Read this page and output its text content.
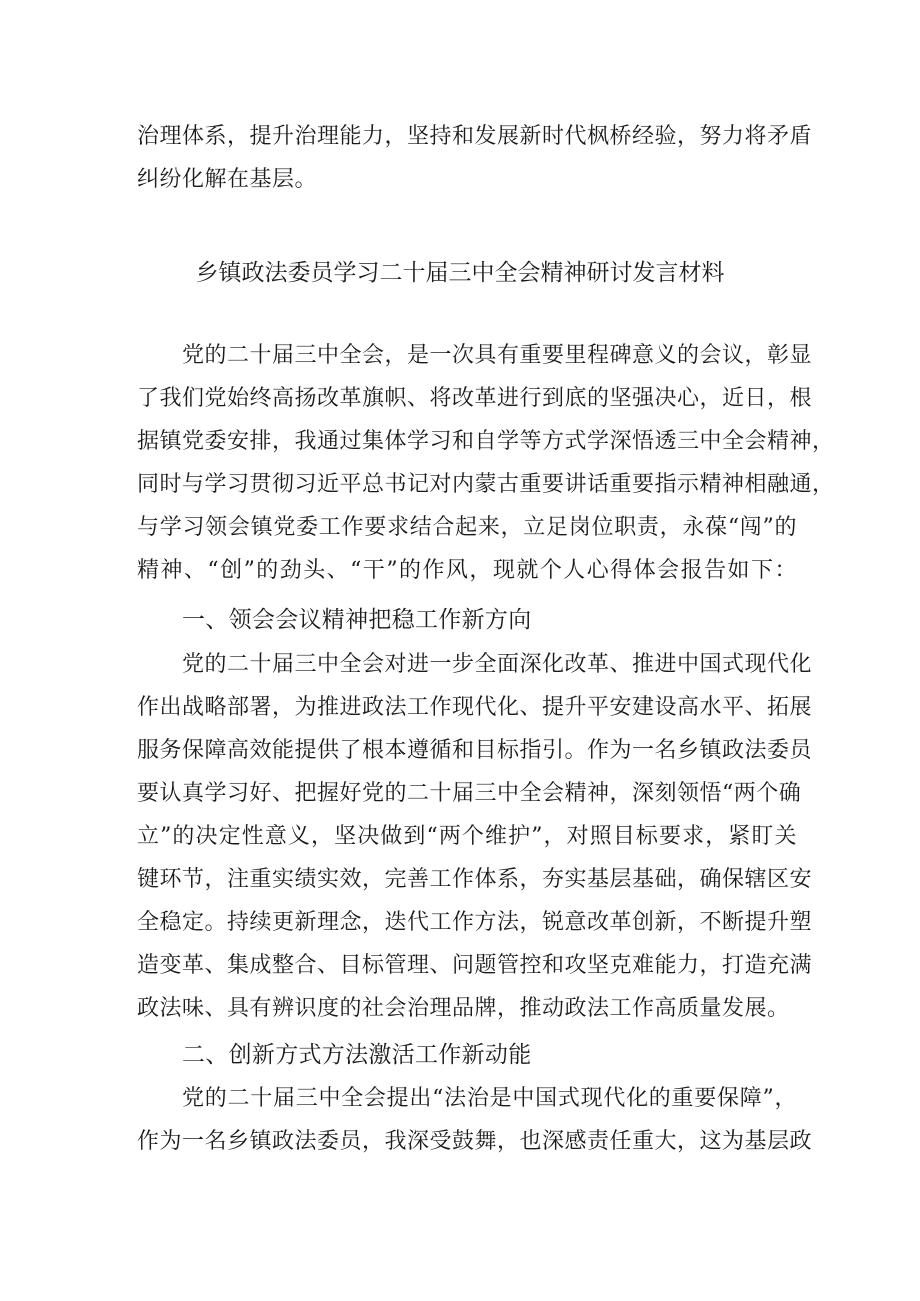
治理体系，提升治理能力，坚持和发展新时代枫桥经验，努力将矛盾
纠纷化解在基层。
乡镇政法委员学习二十届三中全会精神研讨发言材料
党的二十届三中全会，是一次具有重要里程碑意义的会议，彰显
了我们党始终高扬改革旗帜、将改革进行到底的坚强决心，近日，根
据镇党委安排，我通过集体学习和自学等方式学深悟透三中全会精神，
同时与学习贯彻习近平总书记对内蒙古重要讲话重要指示精神相融通，
与学习领会镇党委工作要求结合起来，立足岗位职责，永葆“闯”的
精神、“创”的劲头、“干”的作风，现就个人心得体会报告如下：
一、领会会议精神把稳工作新方向
党的二十届三中全会对进一步全面深化改革、推进中国式现代化
作出战略部署，为推进政法工作现代化、提升平安建设高水平、拓展
服务保障高效能提供了根本遵循和目标指引。作为一名乡镇政法委员
要认真学习好、把握好党的二十届三中全会精神，深刻领悟“两个确
立”的决定性意义，坚决做到“两个维护”，对照目标要求，紧盯关
键环节，注重实绩实效，完善工作体系，夯实基层基础，确保辖区安
全稳定。持续更新理念，迭代工作方法，锐意改革创新，不断提升塑
造变革、集成整合、目标管理、问题管控和攻坚克难能力，打造充满
政法味、具有辨识度的社会治理品牌，推动政法工作高质量发展。
二、创新方式方法激活工作新动能
党的二十届三中全会提出“法治是中国式现代化的重要保障”，
作为一名乡镇政法委员，我深受鼓舞，也深感责任重大，这为基层政
